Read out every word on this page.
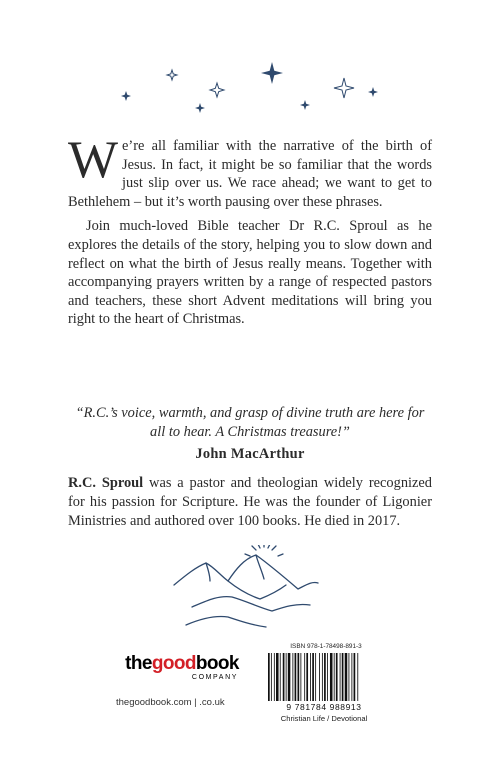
We’re all familiar with the narrative of the birth of Jesus. In fact, it might be so familiar that the words just slip over us. We race ahead; we want to get to Bethlehem – but it’s worth pausing over these phrases.

Join much-loved Bible teacher Dr R.C. Sproul as he explores the details of the story, helping you to slow down and reflect on what the birth of Jesus really means. Together with accompanying prayers written by a range of respected pastors and teachers, these short Advent meditations will bring you right to the heart of Christmas.

“R.C.’s voice, warmth, and grasp of divine truth are here for all to hear. A Christmas treasure!”
John MacArthur
R.C. Sproul was a pastor and theologian widely recognized for his passion for Scripture. He was the founder of Ligonier Ministries and authored over 100 books. He died in 2017.
thegoodbook
COMPANY
thegoodbook.com | .co.uk
ISBN 978-1-78498-891-3
9 781784 988913
Christian Life / Devotional
